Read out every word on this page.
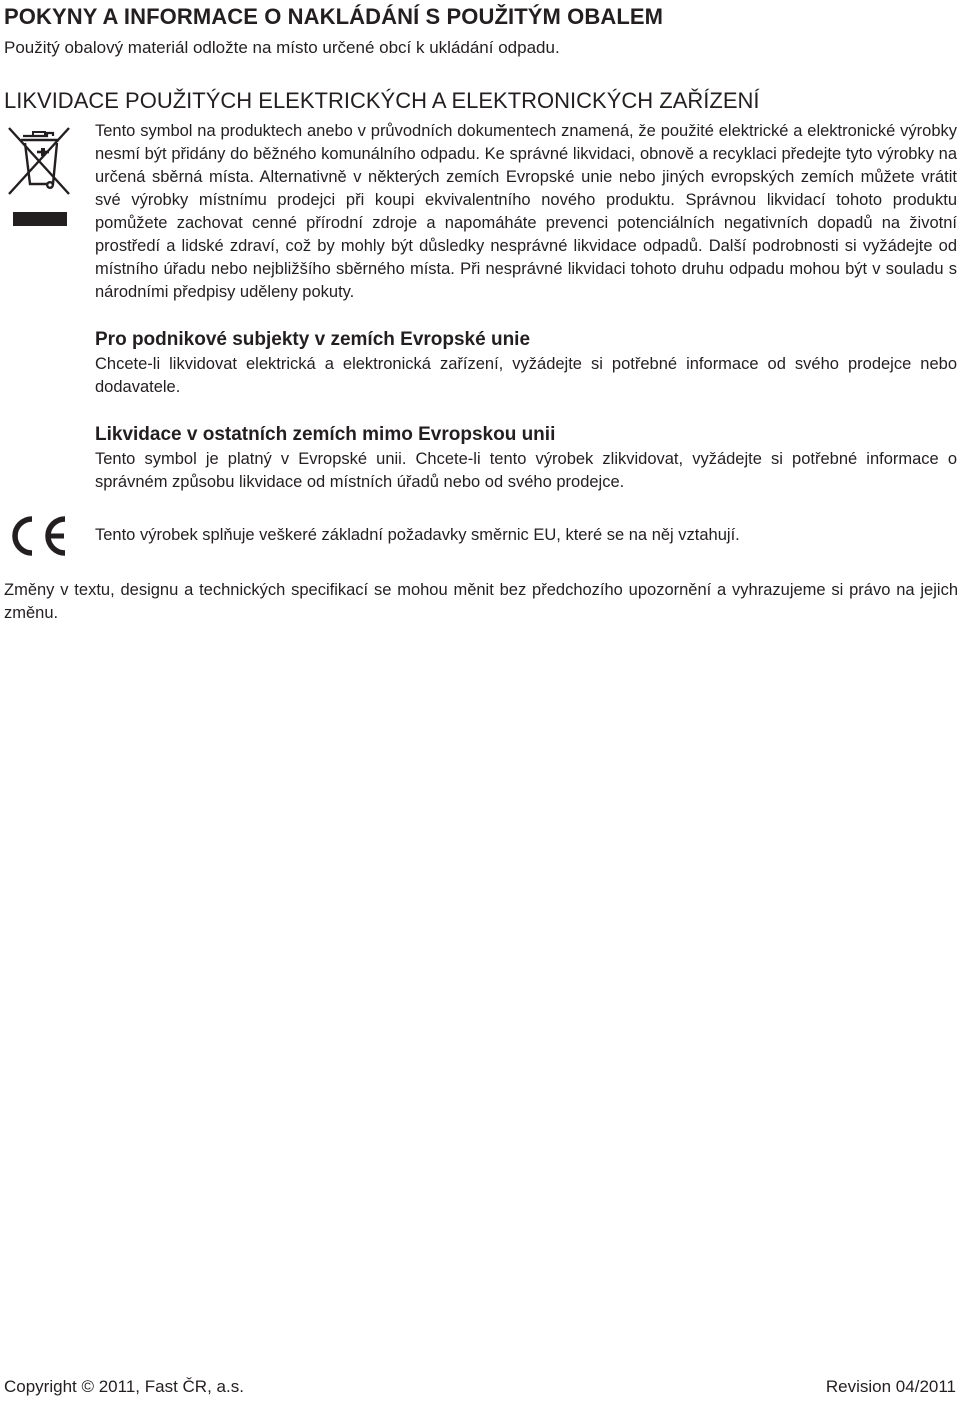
POKYNY A INFORMACE O NAKLÁDÁNÍ S POUŽITÝM OBALEM
Použitý obalový materiál odložte na místo určené obcí k ukládání odpadu.
LIKVIDACE POUŽITÝCH ELEKTRICKÝCH A ELEKTRONICKÝCH ZAŘÍZENÍ

Tento symbol na produktech anebo v průvodních dokumentech znamená, že použité elektrické a elektronické výrobky nesmí být přidány do běžného komunálního odpadu. Ke správné likvidaci, obnově a recyklaci předejte tyto výrobky na určená sběrná místa. Alternativně v některých zemích Evropské unie nebo jiných evropských zemích můžete vrátit své výrobky místnímu prodejci při koupi ekvivalentního nového produktu. Správnou likvidací tohoto produktu pomůžete zachovat cenné přírodní zdroje a napomáháte prevenci potenciálních negativních dopadů na životní prostředí a lidské zdraví, což by mohly být důsledky nesprávné likvidace odpadů. Další podrobnosti si vyžádejte od místního úřadu nebo nejbližšího sběrného místa. Při nesprávné likvidaci tohoto druhu odpadu mohou být v souladu s národními předpisy uděleny pokuty.

Pro podnikové subjekty v zemích Evropské unie

Chcete-li likvidovat elektrická a elektronická zařízení, vyžádejte si potřebné informace od svého prodejce nebo dodavatele.

Likvidace v ostatních zemích mimo Evropskou unii

Tento symbol je platný v Evropské unii. Chcete-li tento výrobek zlikvidovat, vyžádejte si potřebné informace o správném způsobu likvidace od místních úřadů nebo od svého prodejce.

Tento výrobek splňuje veškeré základní požadavky směrnic EU, které se na něj vztahují.

Změny v textu, designu a technických specifikací se mohou měnit bez předchozího upozornění a vyhrazujeme si právo na jejich změnu.

Copyright © 2011, Fast ČR, a.s.	Revision 04/2011
